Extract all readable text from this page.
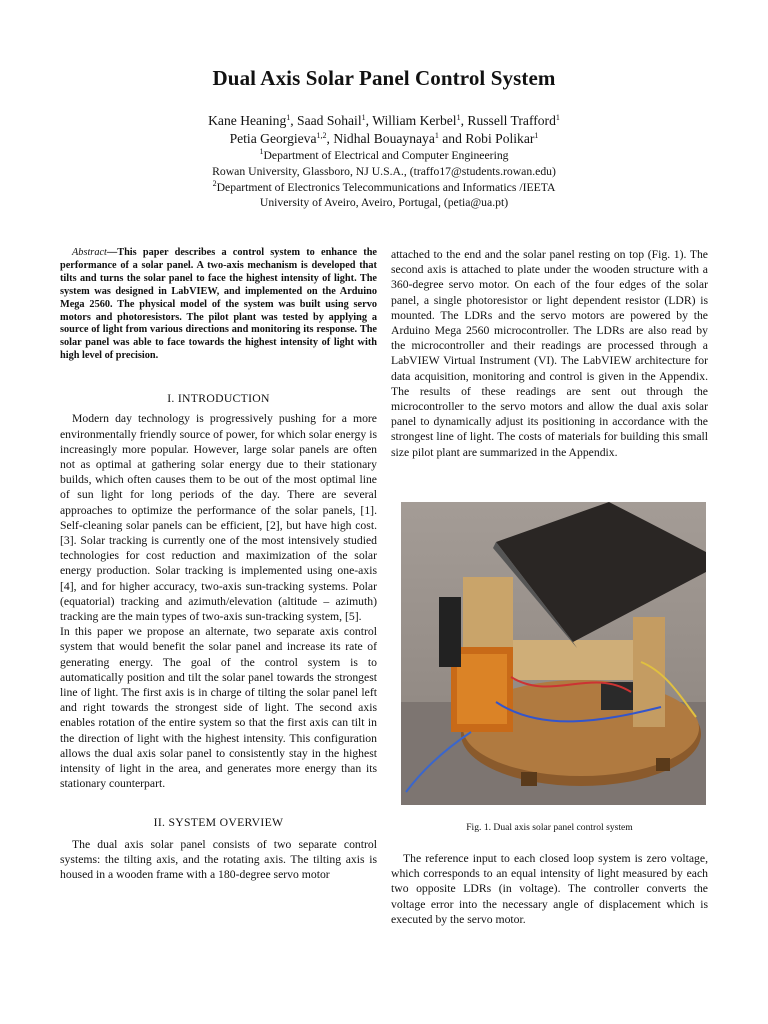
Dual Axis Solar Panel Control System

Kane Heaning$^1$, Saad Sohail$^1$, William Kerbel$^1$, Russell Trafford$^1$

Petia Georgieva$^{1,2}$, Nidhal Bouaynaya$^1$ and Robi Polikar$^1$

$^1$Department of Electrical and Computer Engineering

Rowan University, Glassboro, NJ U.S.A., (traffo17@students.rowan.edu)

$^2$Department of Electronics Telecommunications and Informatics /IEETA

University of Aveiro, Aveiro, Portugal, (petia@ua.pt)

Abstract—This paper describes a control system to enhance the performance of a solar panel. A two-axis mechanism is developed that tilts and turns the solar panel to face the highest intensity of light. The system was designed in LabVIEW, and implemented on the Arduino Mega 2560. The physical model of the system was built using servo motors and photoresistors. The pilot plant was tested by applying a source of light from various directions and monitoring its response. The solar panel was able to face towards the highest intensity of light with high level of precision.

I. INTRODUCTION

Modern day technology is progressively pushing for a more environmentally friendly source of power, for which solar energy is increasingly more popular. However, large solar panels are often not as optimal at gathering solar energy due to their stationary builds, which often causes them to be out of the most optimal line of sun light for long periods of the day. There are several approaches to optimize the performance of the solar panels, [1]. Self-cleaning solar panels can be efficient, [2], but have high cost. [3]. Solar tracking is currently one of the most intensively studied technologies for cost reduction and maximization of the solar energy production. Solar tracking is implemented using one-axis [4], and for higher accuracy, two-axis sun-tracking systems. Polar (equatorial) tracking and azimuth/elevation (altitude – azimuth) tracking are the main types of two-axis sun-tracking system, [5].

In this paper we propose an alternate, two separate axis control system that would benefit the solar panel and increase its rate of generating energy. The goal of the control system is to automatically position and tilt the solar panel towards the strongest line of light. The first axis is in charge of tilting the solar panel left and right towards the strongest side of light. The second axis enables rotation of the entire system so that the first axis can tilt in the direction of light with the highest intensity. This configuration allows the dual axis solar panel to consistently stay in the highest intensity of light in the area, and generates more energy than its stationary counterpart.

II. SYSTEM OVERVIEW

The dual axis solar panel consists of two separate control systems: the tilting axis, and the rotating axis. The tilting axis is housed in a wooden frame with a 180-degree servo motor

attached to the end and the solar panel resting on top (Fig. 1). The second axis is attached to plate under the wooden structure with a 360-degree servo motor. On each of the four edges of the solar panel, a single photoresistor or light dependent resistor (LDR) is mounted. The LDRs and the servo motors are powered by the Arduino Mega 2560 microcontroller. The LDRs are also read by the microcontroller and their readings are processed through a LabVIEW Virtual Instrument (VI). The LabVIEW architecture for data acquisition, monitoring and control is given in the Appendix. The results of these readings are sent out through the microcontroller to the servo motors and allow the dual axis solar panel to dynamically adjust its positioning in accordance with the strongest line of light. The costs of materials for building this small size pilot plant are summarized in the Appendix.

Fig. 1. Dual axis solar panel control system

The reference input to each closed loop system is zero voltage, which corresponds to an equal intensity of light measured by each two opposite LDRs (in voltage). The controller converts the voltage error into the necessary angle of displacement which is executed by the servo motor.
